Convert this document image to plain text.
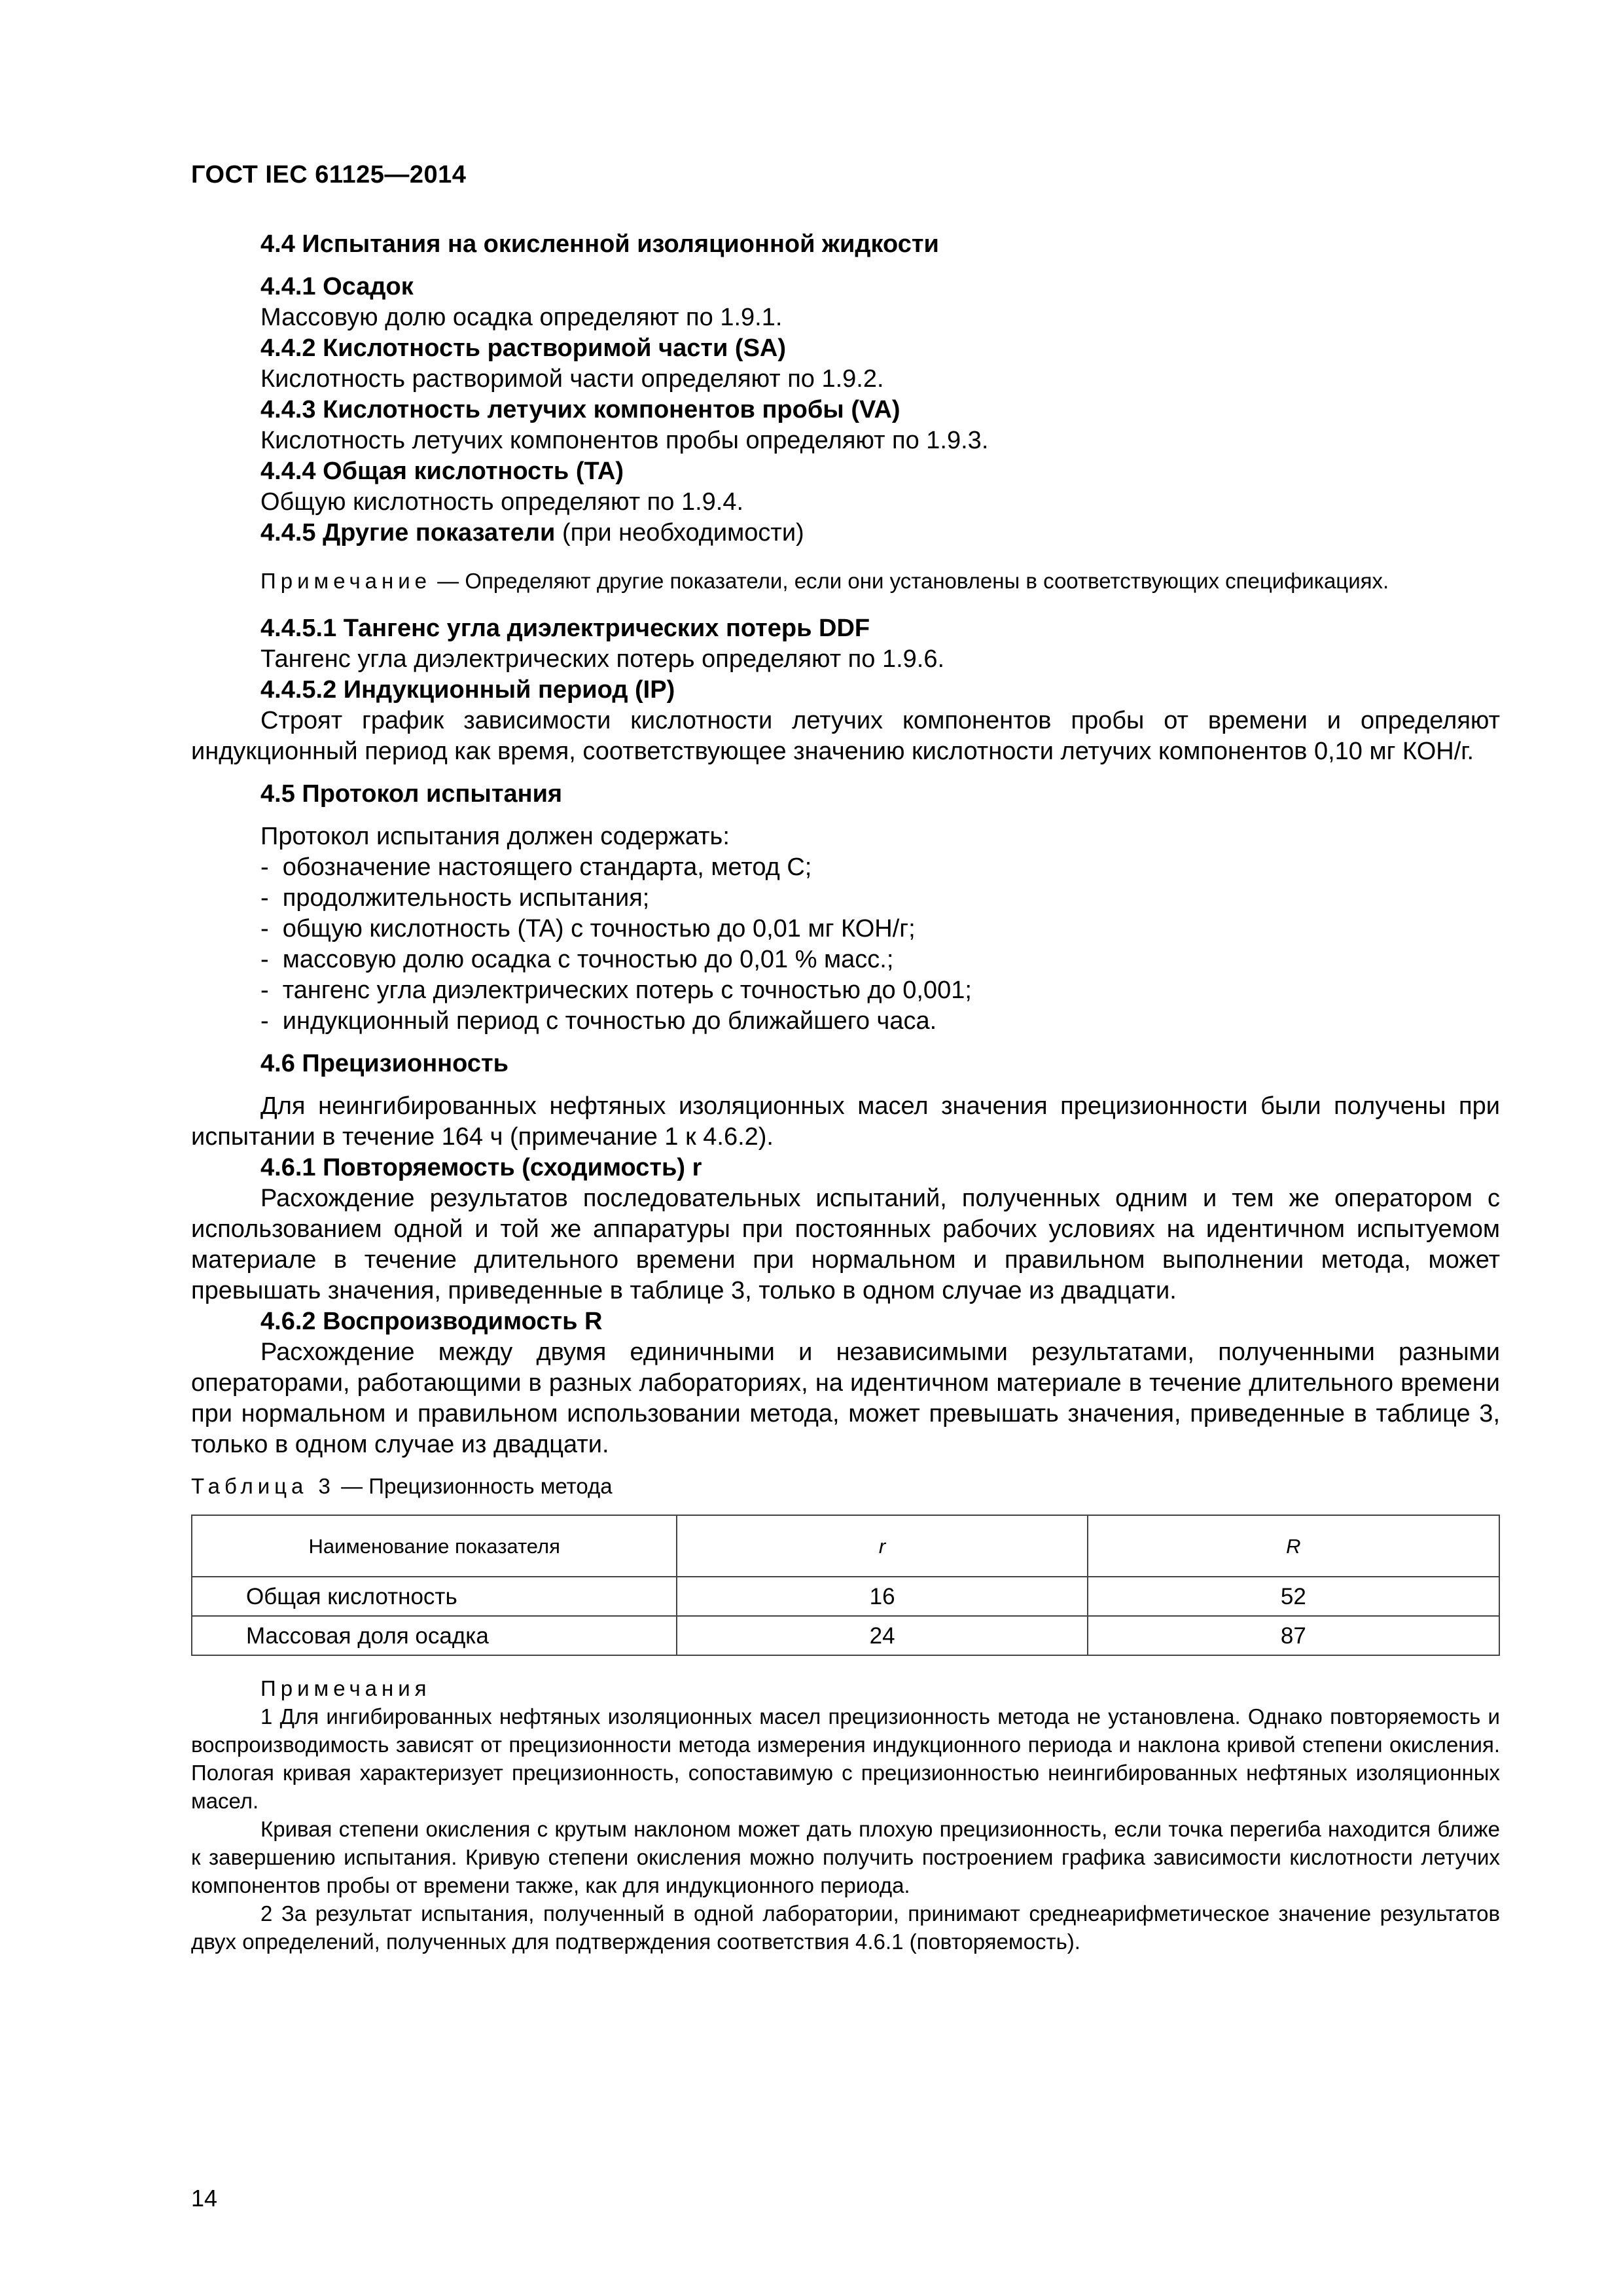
ГОСТ IEC 61125—2014
4.4 Испытания на окисленной изоляционной жидкости
4.4.1 Осадок
Массовую долю осадка определяют по 1.9.1.
4.4.2 Кислотность растворимой части (SA)
Кислотность растворимой части определяют по 1.9.2.
4.4.3 Кислотность летучих компонентов пробы (VA)
Кислотность летучих компонентов пробы определяют по 1.9.3.
4.4.4 Общая кислотность (TA)
Общую кислотность определяют по 1.9.4.
4.4.5 Другие показатели (при необходимости)
Примечание — Определяют другие показатели, если они установлены в соответствующих спецификациях.
4.4.5.1 Тангенс угла диэлектрических потерь DDF
Тангенс угла диэлектрических потерь определяют по 1.9.6.
4.4.5.2 Индукционный период (IP)
Строят график зависимости кислотности летучих компонентов пробы от времени и определяют индукционный период как время, соответствующее значению кислотности летучих компонентов 0,10 мг КОН/г.
4.5 Протокол испытания
Протокол испытания должен содержать:
-  обозначение настоящего стандарта, метод С;
-  продолжительность испытания;
-  общую кислотность (TA) с точностью до 0,01 мг КОН/г;
-  массовую долю осадка с точностью до 0,01 % масс.;
-  тангенс угла диэлектрических потерь с точностью до 0,001;
-  индукционный период с точностью до ближайшего часа.
4.6 Прецизионность
Для неингибированных нефтяных изоляционных масел значения прецизионности были получены при испытании в течение 164 ч (примечание 1 к 4.6.2).
4.6.1 Повторяемость (сходимость) r
Расхождение результатов последовательных испытаний, полученных одним и тем же оператором с использованием одной и той же аппаратуры при постоянных рабочих условиях на идентичном испытуемом материале в течение длительного времени при нормальном и правильном выполнении метода, может превышать значения, приведенные в таблице 3, только в одном случае из двадцати.
4.6.2 Воспроизводимость R
Расхождение между двумя единичными и независимыми результатами, полученными разными операторами, работающими в разных лабораториях, на идентичном материале в течение длительного времени при нормальном и правильном использовании метода, может превышать значения, приведенные в таблице 3, только в одном случае из двадцати.
Таблица 3 — Прецизионность метода
Наименование показателя	r	R
Общая кислотность	16	52
Массовая доля осадка	24	87
Примечания
1 Для ингибированных нефтяных изоляционных масел прецизионность метода не установлена. Однако повторяемость и воспроизводимость зависят от прецизионности метода измерения индукционного периода и наклона кривой степени окисления. Пологая кривая характеризует прецизионность, сопоставимую с прецизионностью неингибированных нефтяных изоляционных масел.
Кривая степени окисления с крутым наклоном может дать плохую прецизионность, если точка перегиба находится ближе к завершению испытания. Кривую степени окисления можно получить построением графика зависимости кислотности летучих компонентов пробы от времени также, как для индукционного периода.
2 За результат испытания, полученный в одной лаборатории, принимают среднеарифметическое значение результатов двух определений, полученных для подтверждения соответствия 4.6.1 (повторяемость).
14
